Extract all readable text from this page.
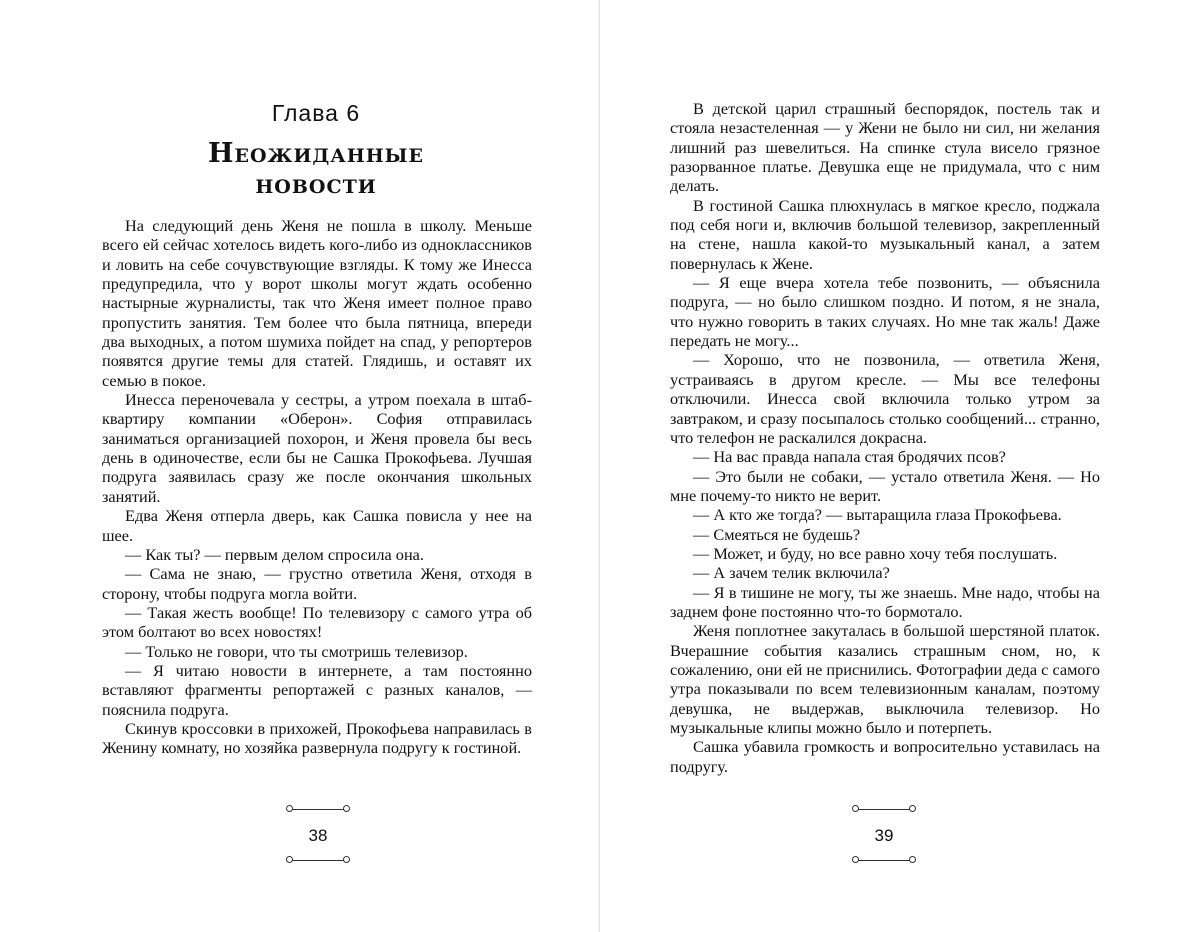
Глава 6
Неожиданные
новости

На следующий день Женя не пошла в школу. Меньше всего ей сейчас хотелось видеть кого-либо из одноклассников и ловить на себе сочувствующие взгляды. К тому же Инесса предупредила, что у ворот школы могут ждать особенно настырные журналисты, так что Женя имеет полное право пропустить занятия. Тем более что была пятница, впереди два выходных, а потом шумиха пойдет на спад, у репортеров появятся другие темы для статей. Глядишь, и оставят их семью в покое.

Инесса переночевала у сестры, а утром поехала в штаб-квартиру компании «Оберон». София отправилась заниматься организацией похорон, и Женя провела бы весь день в одиночестве, если бы не Сашка Прокофьева. Лучшая подруга заявилась сразу же после окончания школьных занятий.

Едва Женя отперла дверь, как Сашка повисла у нее на шее.

— Как ты? — первым делом спросила она.

— Сама не знаю, — грустно ответила Женя, отходя в сторону, чтобы подруга могла войти.

— Такая жесть вообще! По телевизору с самого утра об этом болтают во всех новостях!

— Только не говори, что ты смотришь телевизор.

— Я читаю новости в интернете, а там постоянно вставляют фрагменты репортажей с разных каналов, — пояснила подруга.

Скинув кроссовки в прихожей, Прокофьева направилась в Женину комнату, но хозяйка развернула подругу к гостиной.

38	39

В детской царил страшный беспорядок, постель так и стояла незастеленная — у Жени не было ни сил, ни желания лишний раз шевелиться. На спинке стула висело грязное разорванное платье. Девушка еще не придумала, что с ним делать.

В гостиной Сашка плюхнулась в мягкое кресло, поджала под себя ноги и, включив большой телевизор, закрепленный на стене, нашла какой-то музыкальный канал, а затем повернулась к Жене.

— Я еще вчера хотела тебе позвонить, — объяснила подруга, — но было слишком поздно. И потом, я не знала, что нужно говорить в таких случаях. Но мне так жаль! Даже передать не могу...

— Хорошо, что не позвонила, — ответила Женя, устраиваясь в другом кресле. — Мы все телефоны отключили. Инесса свой включила только утром за завтраком, и сразу посыпалось столько сообщений... странно, что телефон не раскалился докрасна.

— На вас правда напала стая бродячих псов?

— Это были не собаки, — устало ответила Женя. — Но мне почему-то никто не верит.

— А кто же тогда? — вытаращила глаза Прокофьева.

— Смеяться не будешь?

— Может, и буду, но все равно хочу тебя послушать.

— А зачем телик включила?

— Я в тишине не могу, ты же знаешь. Мне надо, чтобы на заднем фоне постоянно что-то бормотало.

Женя поплотнее закуталась в большой шерстяной платок. Вчерашние события казались страшным сном, но, к сожалению, они ей не приснились. Фотографии деда с самого утра показывали по всем телевизионным каналам, поэтому девушка, не выдержав, выключила телевизор. Но музыкальные клипы можно было и потерпеть.

Сашка убавила громкость и вопросительно уставилась на подругу.
